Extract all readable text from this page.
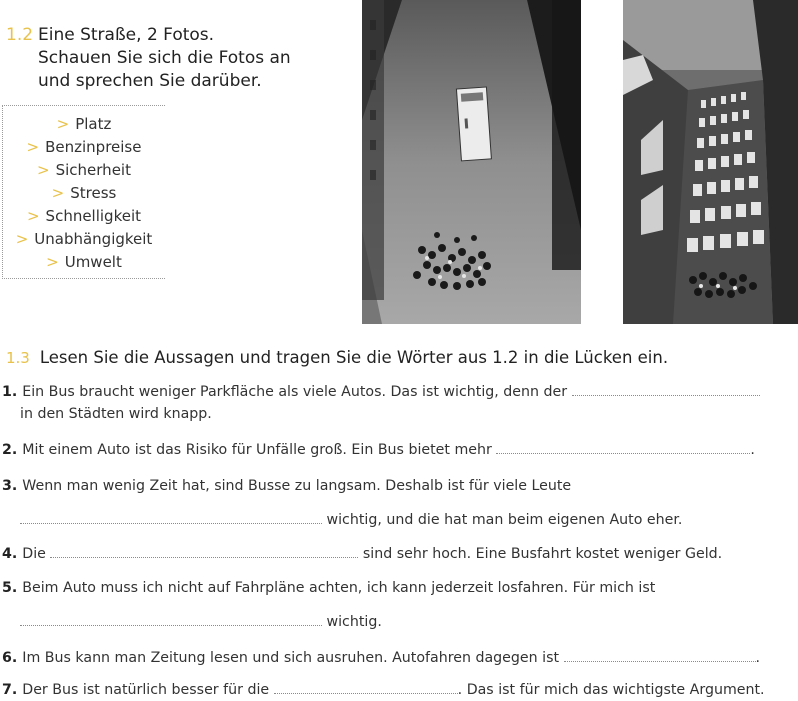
1.2 Eine Straße, 2 Fotos.
Schauen Sie sich die Fotos an
und sprechen Sie darüber.
> Platz
> Benzinpreise
> Sicherheit
> Stress
> Schnelligkeit
> Unabhängigkeit
> Umwelt
1.3 Lesen Sie die Aussagen und tragen Sie die Wörter aus 1.2 in die Lücken ein.
1. Ein Bus braucht weniger Parkfläche als viele Autos. Das ist wichtig, denn der
in den Städten wird knapp.
2. Mit einem Auto ist das Risiko für Unfälle groß. Ein Bus bietet mehr	.
3. Wenn man wenig Zeit hat, sind Busse zu langsam. Deshalb ist für viele Leute
wichtig, und die hat man beim eigenen Auto eher.
4. Die	sind sehr hoch. Eine Busfahrt kostet weniger Geld.
5. Beim Auto muss ich nicht auf Fahrpläne achten, ich kann jederzeit losfahren. Für mich ist
wichtig.
6. Im Bus kann man Zeitung lesen und sich ausruhen. Autofahren dagegen ist	.
7. Der Bus ist natürlich besser für die	. Das ist für mich das wichtigste Argument.
